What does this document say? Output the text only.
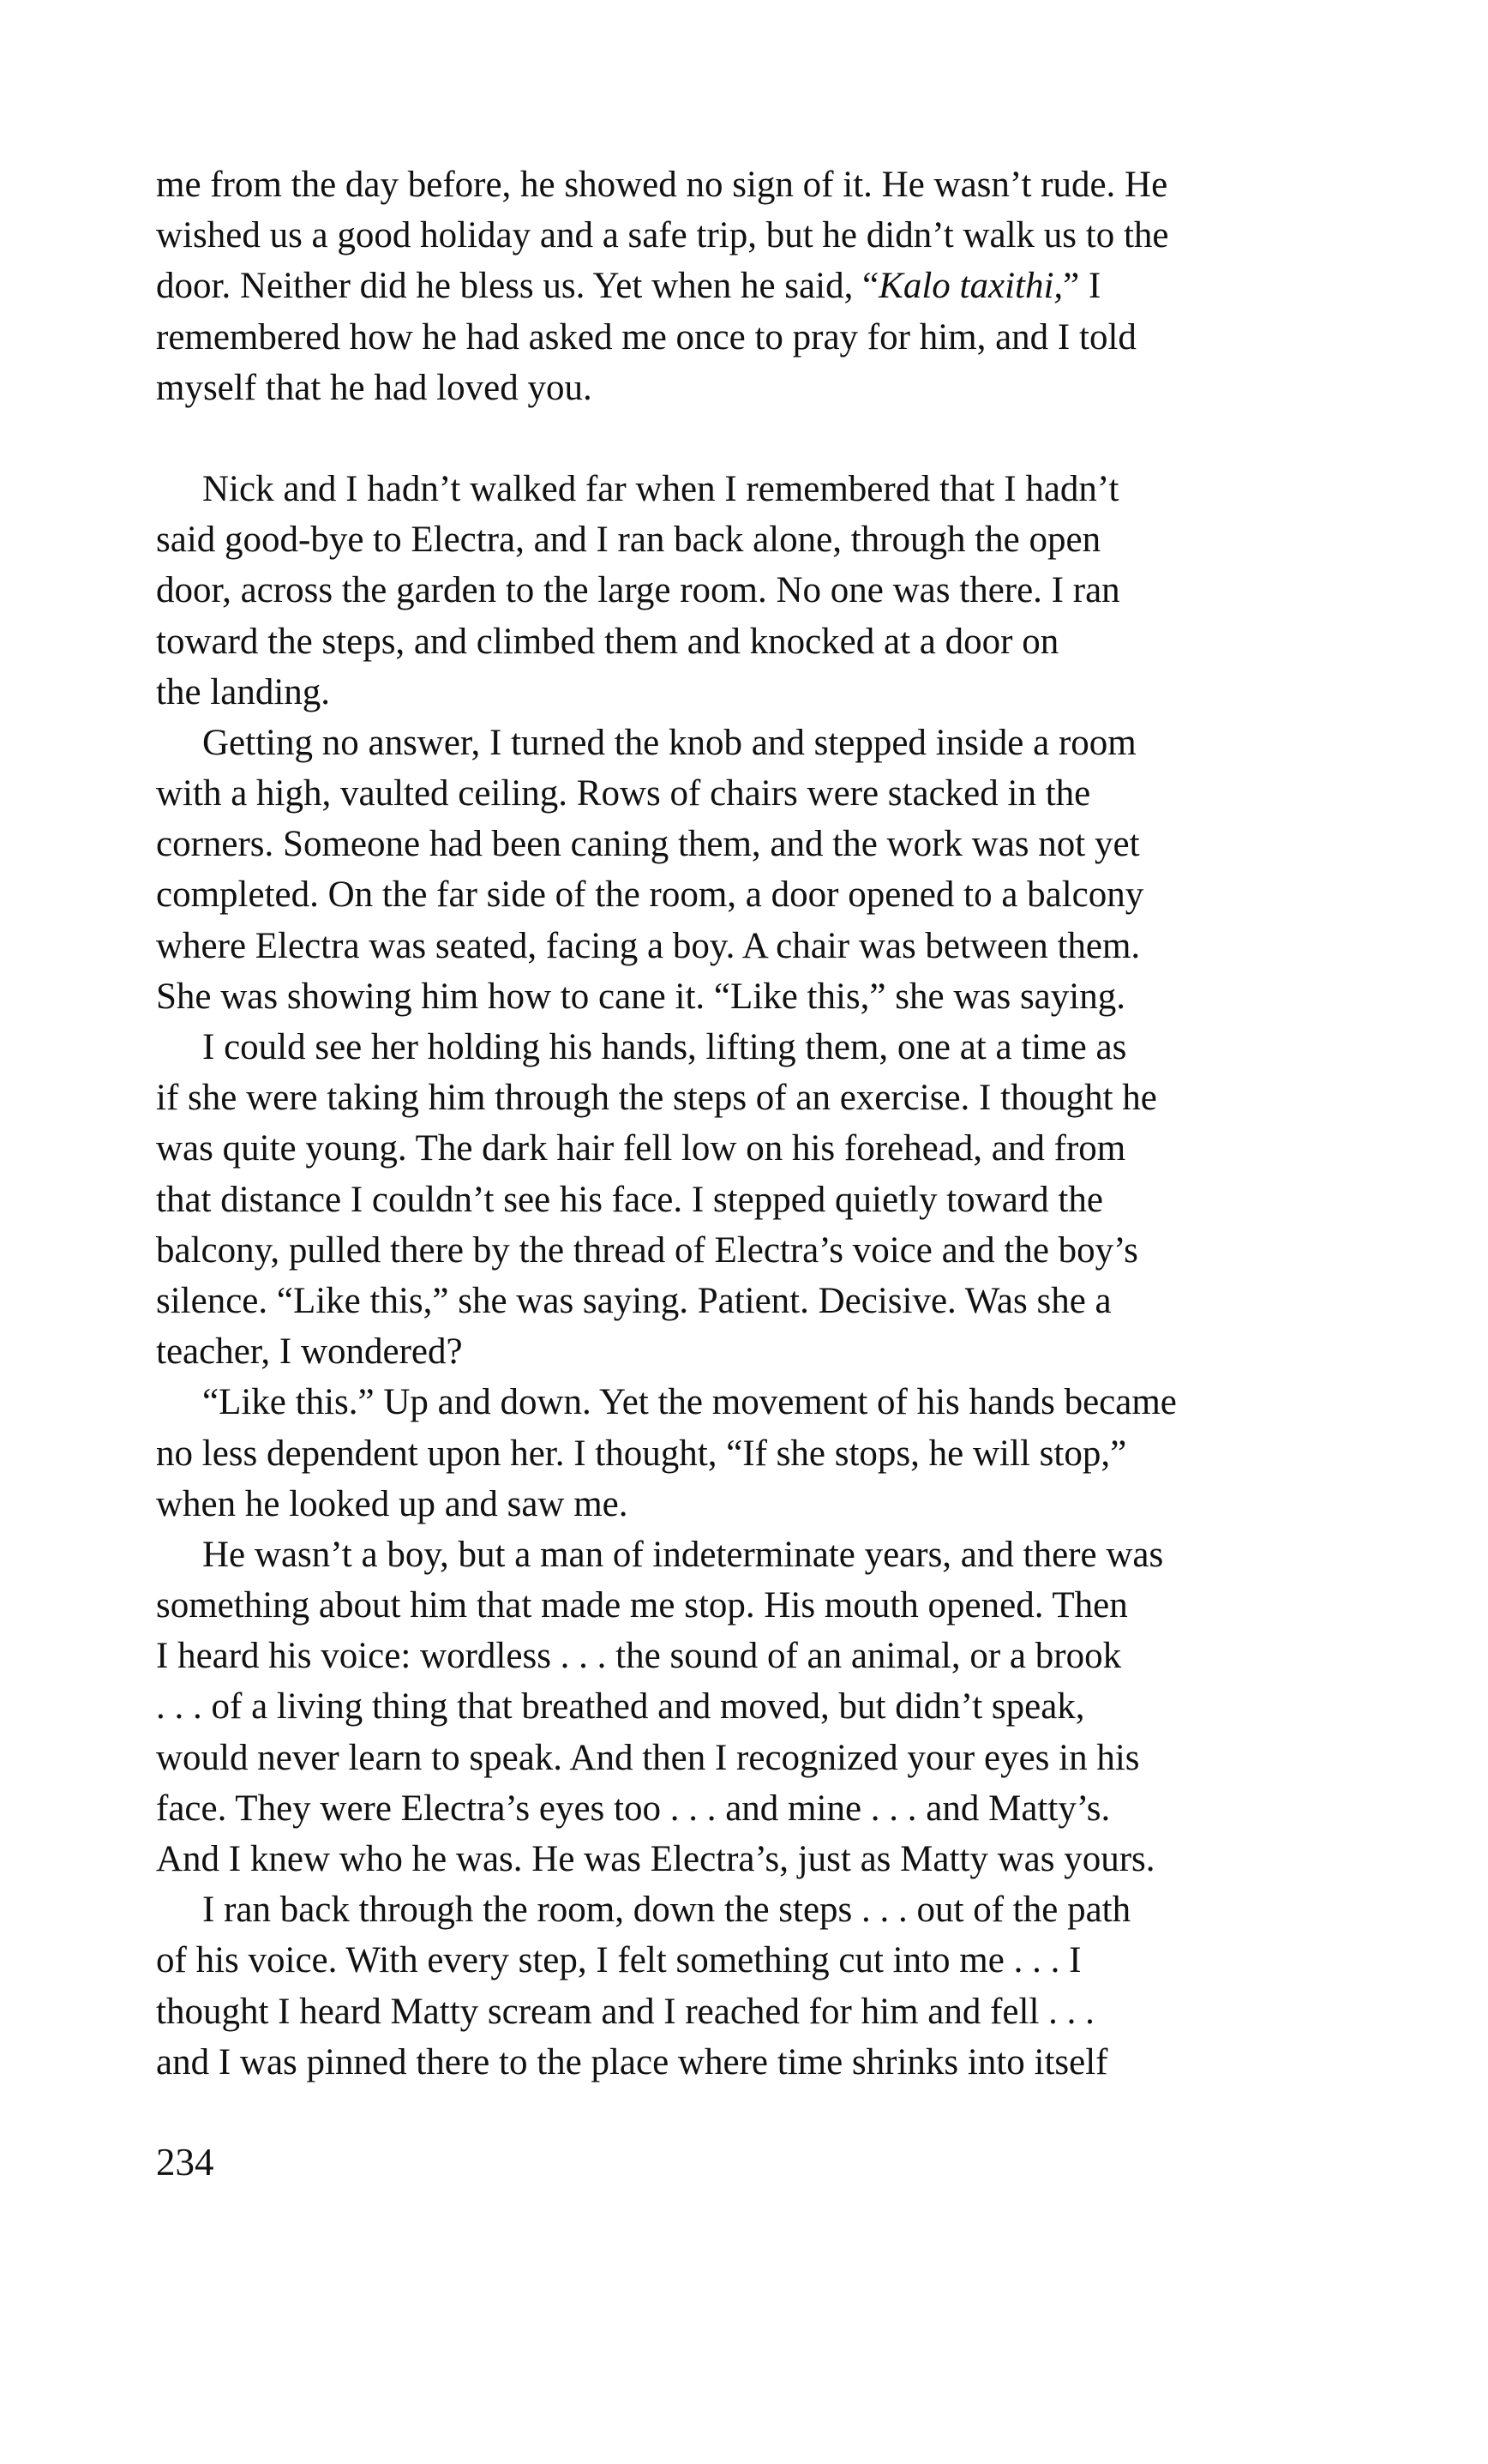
me from the day before, he showed no sign of it. He wasn’t rude. He
wished us a good holiday and a safe trip, but he didn’t walk us to the
door. Neither did he bless us. Yet when he said, “Kalo taxithi,” I
remembered how he had asked me once to pray for him, and I told
myself that he had loved you.
Nick and I hadn’t walked far when I remembered that I hadn’t
said good-bye to Electra, and I ran back alone, through the open
door, across the garden to the large room. No one was there. I ran
toward the steps, and climbed them and knocked at a door on
the landing.
Getting no answer, I turned the knob and stepped inside a room
with a high, vaulted ceiling. Rows of chairs were stacked in the
corners. Someone had been caning them, and the work was not yet
completed. On the far side of the room, a door opened to a balcony
where Electra was seated, facing a boy. A chair was between them.
She was showing him how to cane it. “Like this,” she was saying.
I could see her holding his hands, lifting them, one at a time as
if she were taking him through the steps of an exercise. I thought he
was quite young. The dark hair fell low on his forehead, and from
that distance I couldn’t see his face. I stepped quietly toward the
balcony, pulled there by the thread of Electra’s voice and the boy’s
silence. “Like this,” she was saying. Patient. Decisive. Was she a
teacher, I wondered?
“Like this.” Up and down. Yet the movement of his hands became
no less dependent upon her. I thought, “If she stops, he will stop,”
when he looked up and saw me.
He wasn’t a boy, but a man of indeterminate years, and there was
something about him that made me stop. His mouth opened. Then
I heard his voice: wordless . . . the sound of an animal, or a brook
. . . of a living thing that breathed and moved, but didn’t speak,
would never learn to speak. And then I recognized your eyes in his
face. They were Electra’s eyes too . . . and mine . . . and Matty’s.
And I knew who he was. He was Electra’s, just as Matty was yours.
I ran back through the room, down the steps . . . out of the path
of his voice. With every step, I felt something cut into me . . . I
thought I heard Matty scream and I reached for him and fell . . .
and I was pinned there to the place where time shrinks into itself
234
